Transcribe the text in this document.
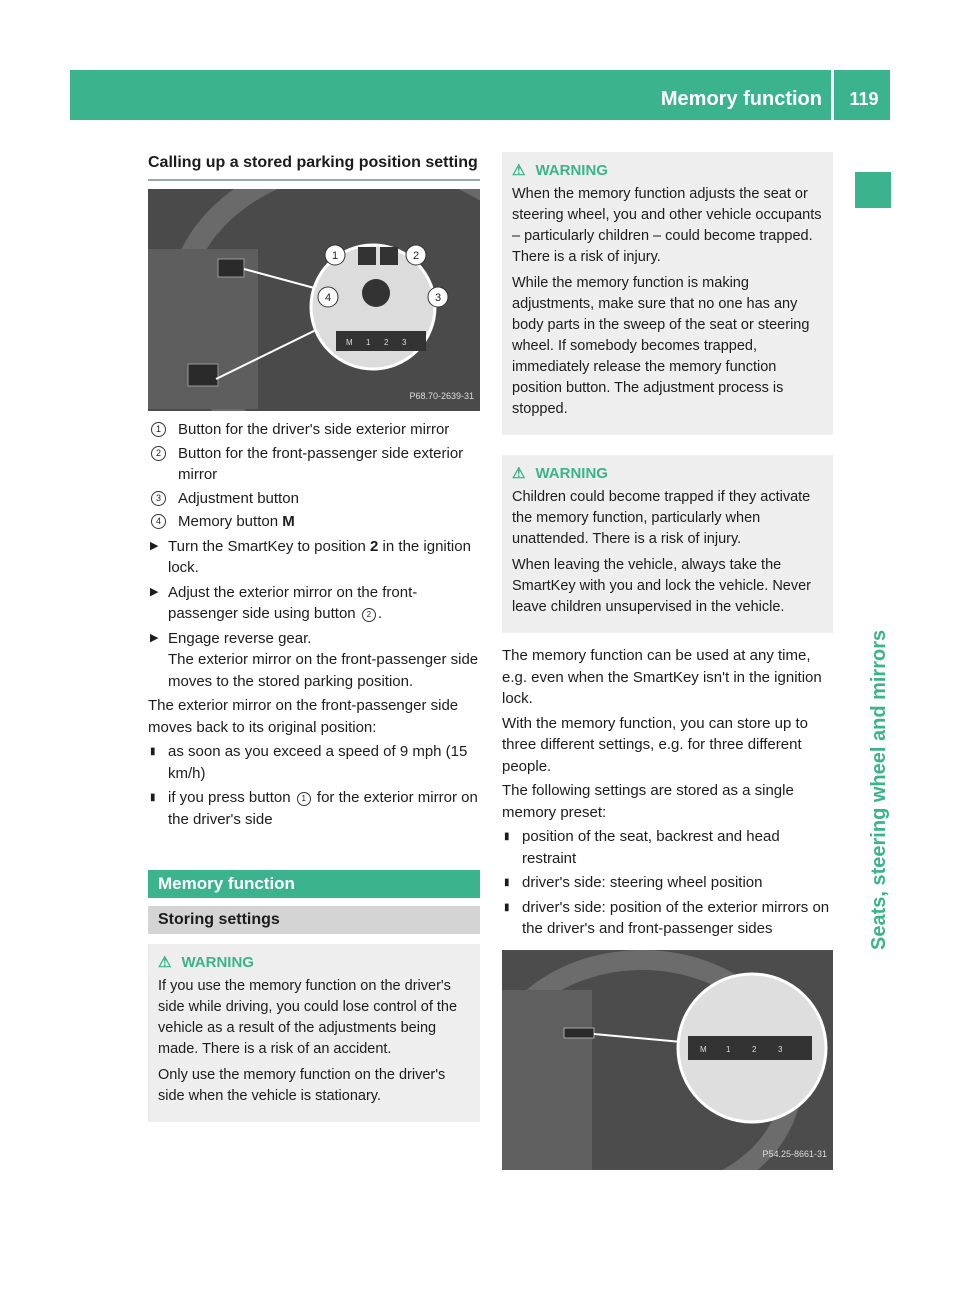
Memory function	119
Seats, steering wheel and mirrors
Calling up a stored parking position setting
M 1 2 3
1	2
3
4
P68.70-2639-31
1	Button for the driver's side exterior mirror
2	Button for the front-passenger side exterior mirror
3	Adjustment button
4	Memory button M
▶ Turn the SmartKey to position 2 in the ignition lock.
▶ Adjust the exterior mirror on the front-passenger side using button 2 .
▶ Engage reverse gear.
The exterior mirror on the front-passenger side moves to the stored parking position.

The exterior mirror on the front-passenger side moves back to its original position:

▮ as soon as you exceed a speed of 9 mph (15 km/h)
▮ if you press button 1 for the exterior mirror on the driver's side
Memory function
Storing settings
⚠ WARNING

If you use the memory function on the driver's side while driving, you could lose control of the vehicle as a result of the adjustments being made. There is a risk of an accident.

Only use the memory function on the driver's side when the vehicle is stationary.

⚠ WARNING

When the memory function adjusts the seat or steering wheel, you and other vehicle occupants – particularly children – could become trapped. There is a risk of injury.

While the memory function is making adjustments, make sure that no one has any body parts in the sweep of the seat or steering wheel. If somebody becomes trapped, immediately release the memory function position button. The adjustment process is stopped.

⚠ WARNING

Children could become trapped if they activate the memory function, particularly when unattended. There is a risk of injury.

When leaving the vehicle, always take the SmartKey with you and lock the vehicle. Never leave children unsupervised in the vehicle.

The memory function can be used at any time, e.g. even when the SmartKey isn't in the ignition lock.

With the memory function, you can store up to three different settings, e.g. for three different people.

The following settings are stored as a single memory preset:

▮ position of the seat, backrest and head restraint
▮ driver's side: steering wheel position
▮ driver's side: position of the exterior mirrors on the driver's and front-passenger sides
M 1	2	3
P54.25-8661-31
